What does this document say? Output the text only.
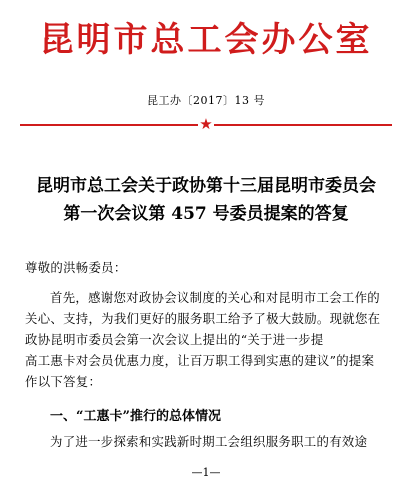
昆明市总工会办公室
昆工办〔2017〕13 号
★
昆明市总工会关于政协第十三届昆明市委员会
第一次会议第 457 号委员提案的答复
尊敬的洪畅委员：
首先，感谢您对政协会议制度的关心和对昆明市工会工作的
关心、支持，为我们更好的服务职工给予了极大鼓励。现就您在
政协昆明市委员会第一次会议上提出的“关于进一步提
高工惠卡对会员优惠力度，让百万职工得到实惠的建议”的提案
作以下答复：
一、“工惠卡”推行的总体情况
为了进一步探索和实践新时期工会组织服务职工的有效途
—1—
